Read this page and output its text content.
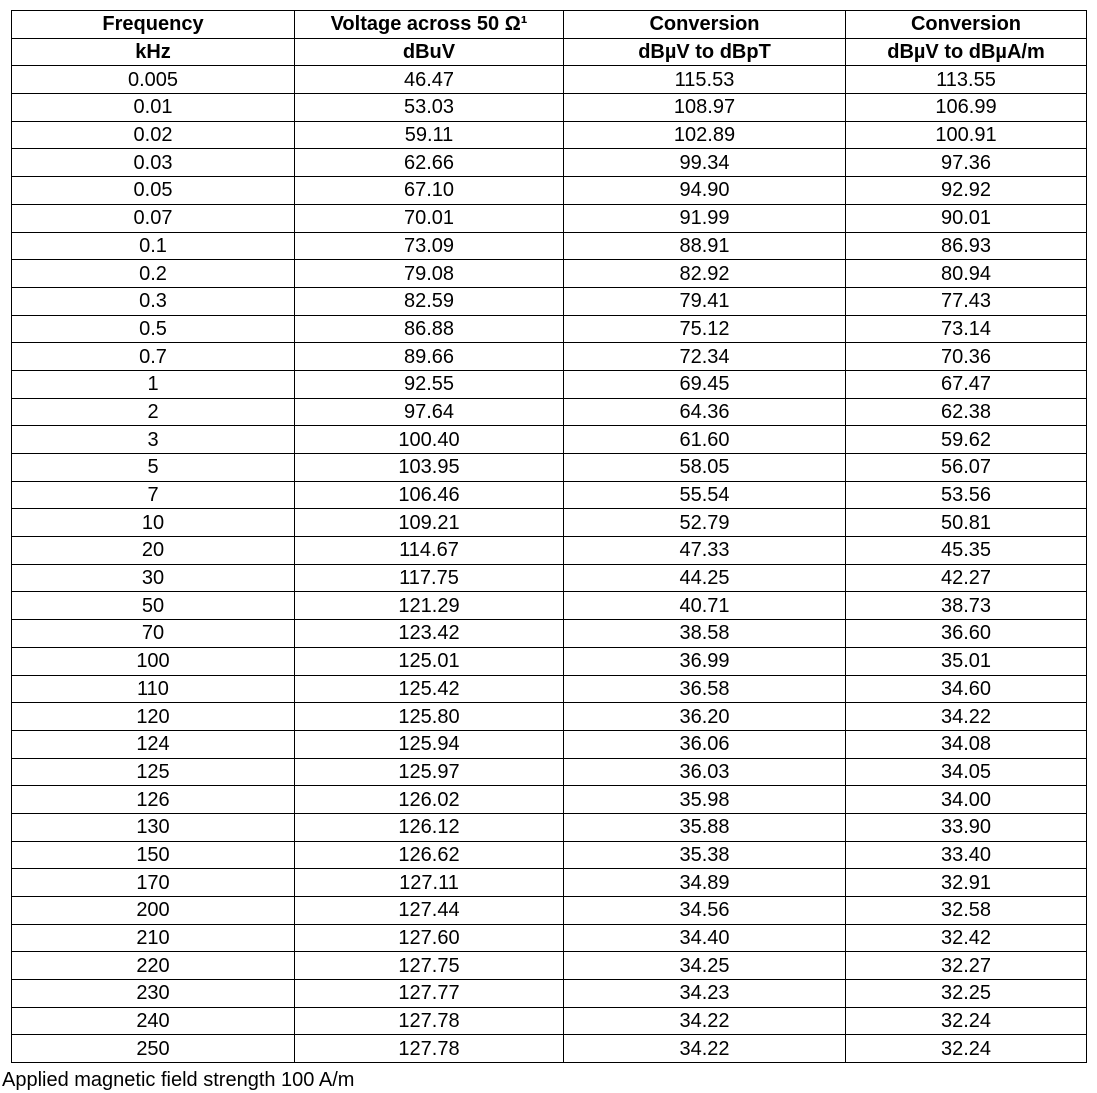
Frequency	Voltage across 50 Ω¹	Conversion	Conversion
kHz	dBuV	dBµV to dBpT	dBµV to dBµA/m
0.005	46.47	115.53	113.55
0.01	53.03	108.97	106.99
0.02	59.11	102.89	100.91
0.03	62.66	99.34	97.36
0.05	67.10	94.90	92.92
0.07	70.01	91.99	90.01
0.1	73.09	88.91	86.93
0.2	79.08	82.92	80.94
0.3	82.59	79.41	77.43
0.5	86.88	75.12	73.14
0.7	89.66	72.34	70.36
1	92.55	69.45	67.47
2	97.64	64.36	62.38
3	100.40	61.60	59.62
5	103.95	58.05	56.07
7	106.46	55.54	53.56
10	109.21	52.79	50.81
20	114.67	47.33	45.35
30	117.75	44.25	42.27
50	121.29	40.71	38.73
70	123.42	38.58	36.60
100	125.01	36.99	35.01
110	125.42	36.58	34.60
120	125.80	36.20	34.22
124	125.94	36.06	34.08
125	125.97	36.03	34.05
126	126.02	35.98	34.00
130	126.12	35.88	33.90
150	126.62	35.38	33.40
170	127.11	34.89	32.91
200	127.44	34.56	32.58
210	127.60	34.40	32.42
220	127.75	34.25	32.27
230	127.77	34.23	32.25
240	127.78	34.22	32.24
250	127.78	34.22	32.24
Applied magnetic field strength 100 A/m
